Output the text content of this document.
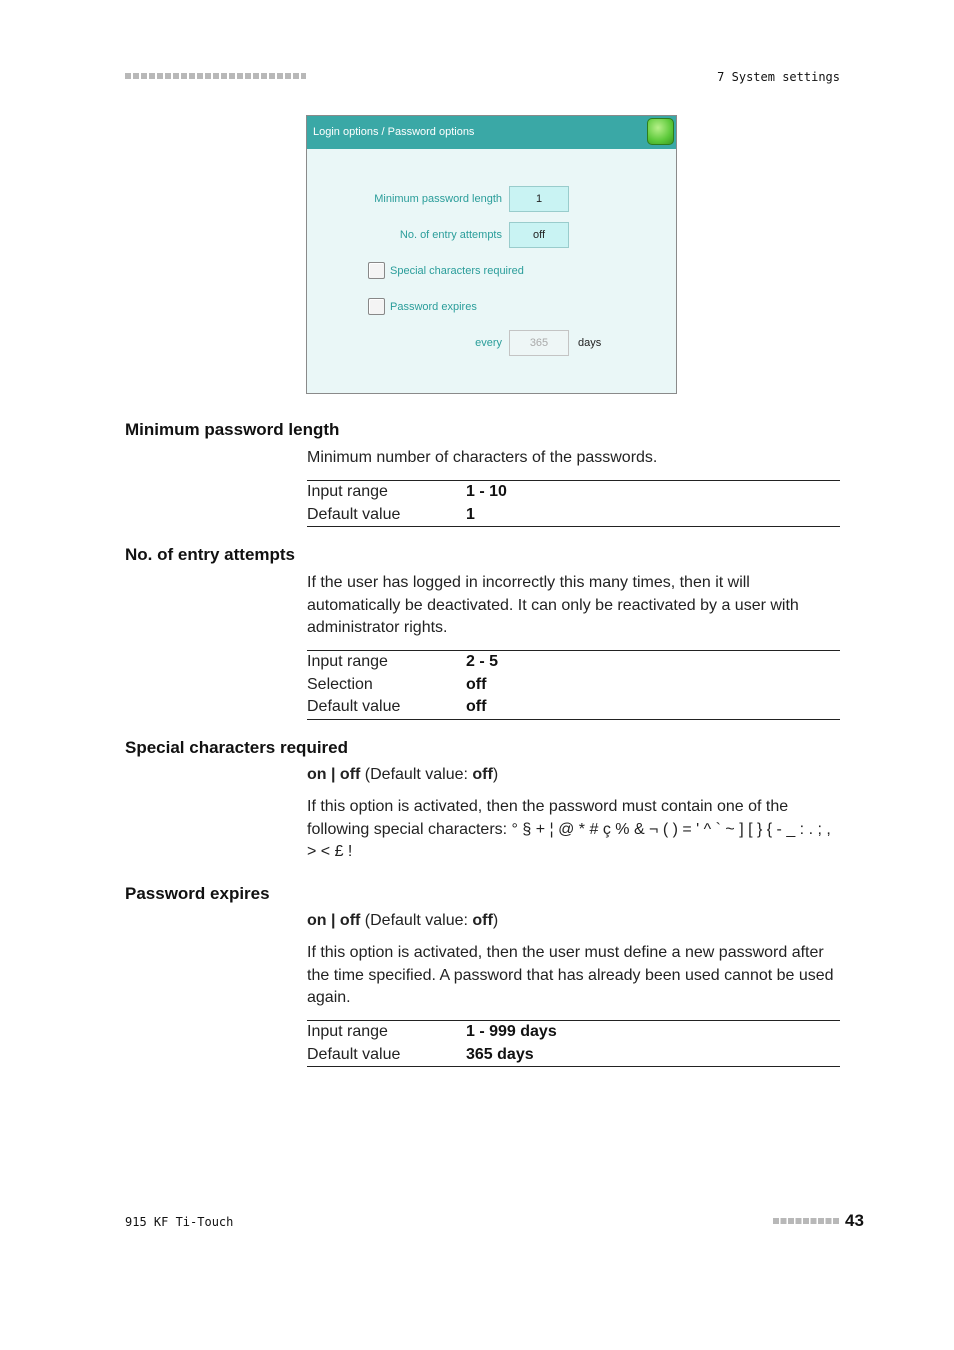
7 System settings
Login options / Password options
Minimum password length	1
No. of entry attempts	off
Special characters required
Password expires
every	365	days
Minimum password length
Minimum number of characters of the passwords.
Input range	1 - 10
Default value	1
No. of entry attempts
If the user has logged in incorrectly this many times, then it will automatically be deactivated. It can only be reactivated by a user with administrator rights.
Input range	2 - 5
Selection	off
Default value	off
Special characters required
on | off (Default value: off)
If this option is activated, then the password must contain one of the following special characters: ° § + ¦ @ * # ç % & ¬ ( ) = ' ^ ` ~ ] [ } { - _ : . ; , > < £ !
Password expires
on | off (Default value: off)
If this option is activated, then the user must define a new password after the time specified. A password that has already been used cannot be used again.
Input range	1 - 999 days
Default value	365 days
915 KF Ti-Touch	43
